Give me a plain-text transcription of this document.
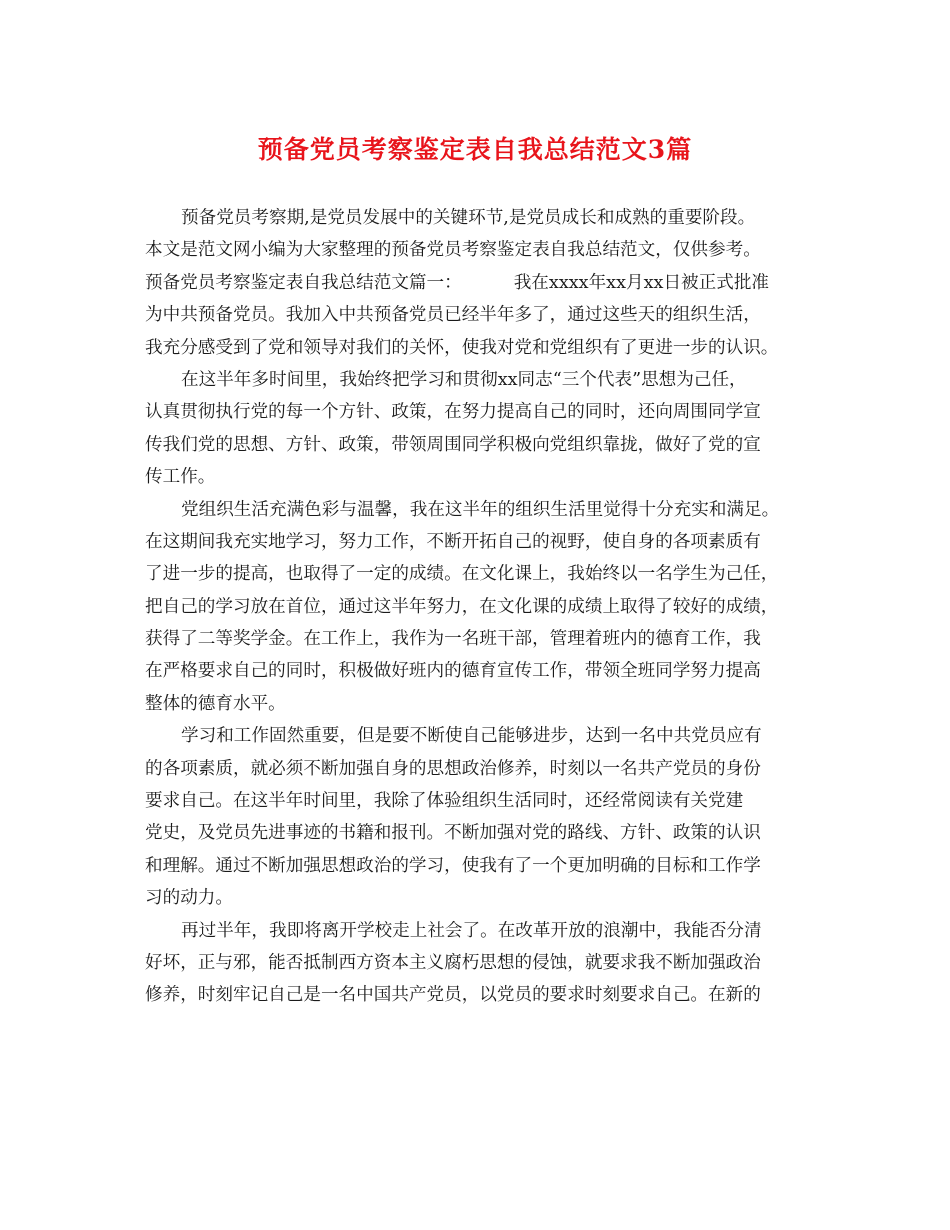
预备党员考察鉴定表自我总结范文3篇
预备党员考察期,是党员发展中的关键环节,是党员成长和成熟的重要阶段。
本文是范文网小编为大家整理的预备党员考察鉴定表自我总结范文，仅供参考。
预备党员考察鉴定表自我总结范文篇一：	我在xxxx年xx月xx日被正式批准
为中共预备党员。我加入中共预备党员已经半年多了，通过这些天的组织生活，
我充分感受到了党和领导对我们的关怀，使我对党和党组织有了更进一步的认识。
在这半年多时间里，我始终把学习和贯彻xx同志“三个代表”思想为己任，
认真贯彻执行党的每一个方针、政策，在努力提高自己的同时，还向周围同学宣
传我们党的思想、方针、政策，带领周围同学积极向党组织靠拢，做好了党的宣
传工作。
党组织生活充满色彩与温馨，我在这半年的组织生活里觉得十分充实和满足。
在这期间我充实地学习，努力工作，不断开拓自己的视野，使自身的各项素质有
了进一步的提高，也取得了一定的成绩。在文化课上，我始终以一名学生为己任，
把自己的学习放在首位，通过这半年努力，在文化课的成绩上取得了较好的成绩，
获得了二等奖学金。在工作上，我作为一名班干部，管理着班内的德育工作，我
在严格要求自己的同时，积极做好班内的德育宣传工作，带领全班同学努力提高
整体的德育水平。
学习和工作固然重要，但是要不断使自己能够进步，达到一名中共党员应有
的各项素质，就必须不断加强自身的思想政治修养，时刻以一名共产党员的身份
要求自己。在这半年时间里，我除了体验组织生活同时，还经常阅读有关党建
党史，及党员先进事迹的书籍和报刊。不断加强对党的路线、方针、政策的认识
和理解。通过不断加强思想政治的学习，使我有了一个更加明确的目标和工作学
习的动力。
再过半年，我即将离开学校走上社会了。在改革开放的浪潮中，我能否分清
好坏，正与邪，能否抵制西方资本主义腐朽思想的侵蚀，就要求我不断加强政治
修养，时刻牢记自己是一名中国共产党员，以党员的要求时刻要求自己。在新的
